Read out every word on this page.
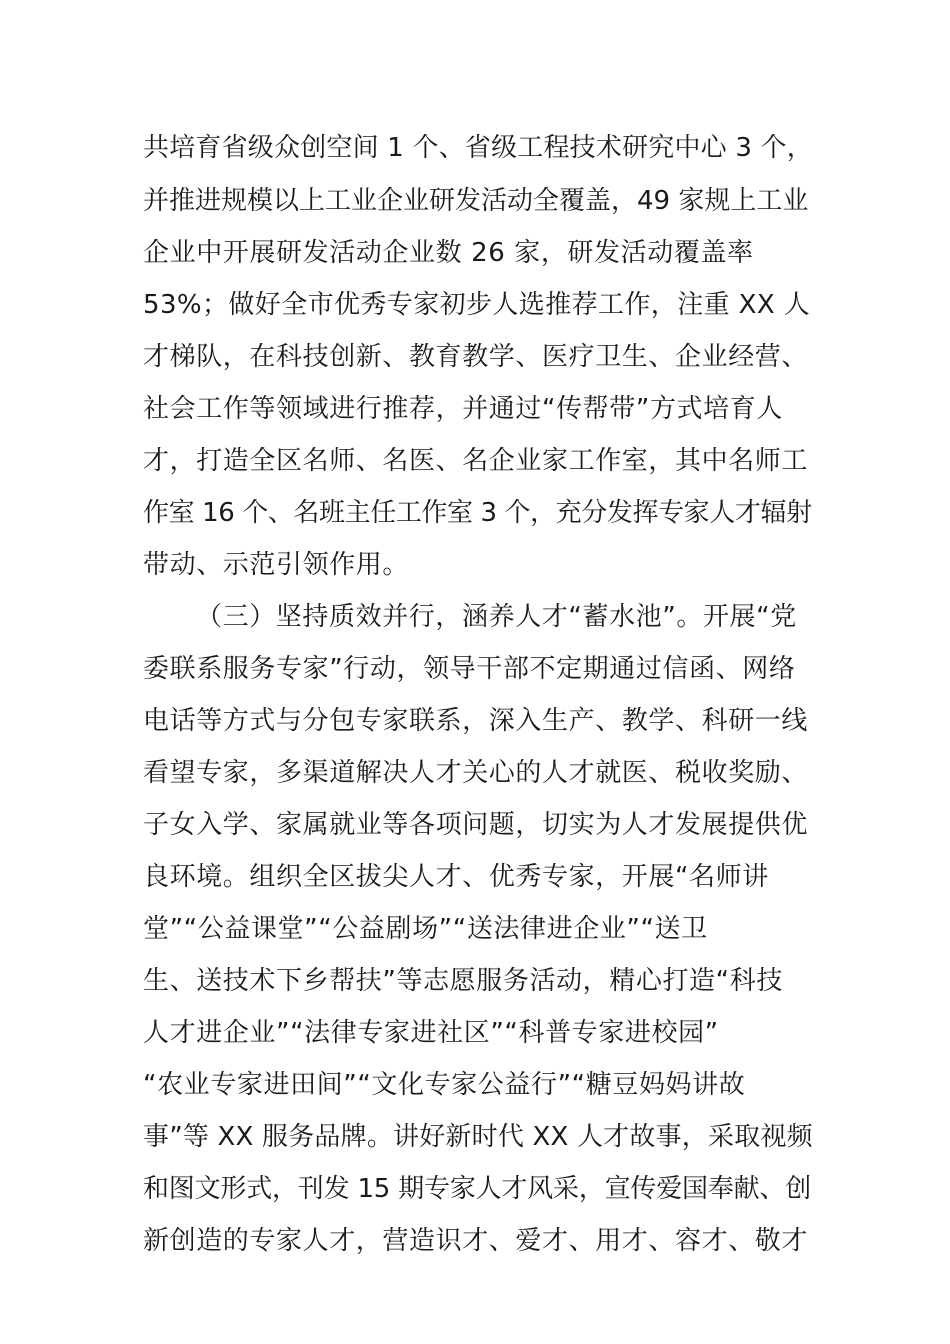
共培育省级众创空间 1 个、省级工程技术研究中心 3 个，
并推进规模以上工业企业研发活动全覆盖，49 家规上工业
企业中开展研发活动企业数 26 家，研发活动覆盖率
53%；做好全市优秀专家初步人选推荐工作，注重 XX 人
才梯队，在科技创新、教育教学、医疗卫生、企业经营、
社会工作等领域进行推荐，并通过“传帮带”方式培育人
才，打造全区名师、名医、名企业家工作室，其中名师工
作室 16 个、名班主任工作室 3 个，充分发挥专家人才辐射
带动、示范引领作用。
（三）坚持质效并行，涵养人才“蓄水池”。开展“党
委联系服务专家”行动，领导干部不定期通过信函、网络
电话等方式与分包专家联系，深入生产、教学、科研一线
看望专家，多渠道解决人才关心的人才就医、税收奖励、
子女入学、家属就业等各项问题，切实为人才发展提供优
良环境。组织全区拔尖人才、优秀专家，开展“名师讲
堂”“公益课堂”“公益剧场”“送法律进企业”“送卫
生、送技术下乡帮扶”等志愿服务活动，精心打造“科技
人才进企业”“法律专家进社区”“科普专家进校园”
“农业专家进田间”“文化专家公益行”“糖豆妈妈讲故
事”等 XX 服务品牌。讲好新时代 XX 人才故事，采取视频
和图文形式，刊发 15 期专家人才风采，宣传爱国奉献、创
新创造的专家人才，营造识才、爱才、用才、容才、敬才
